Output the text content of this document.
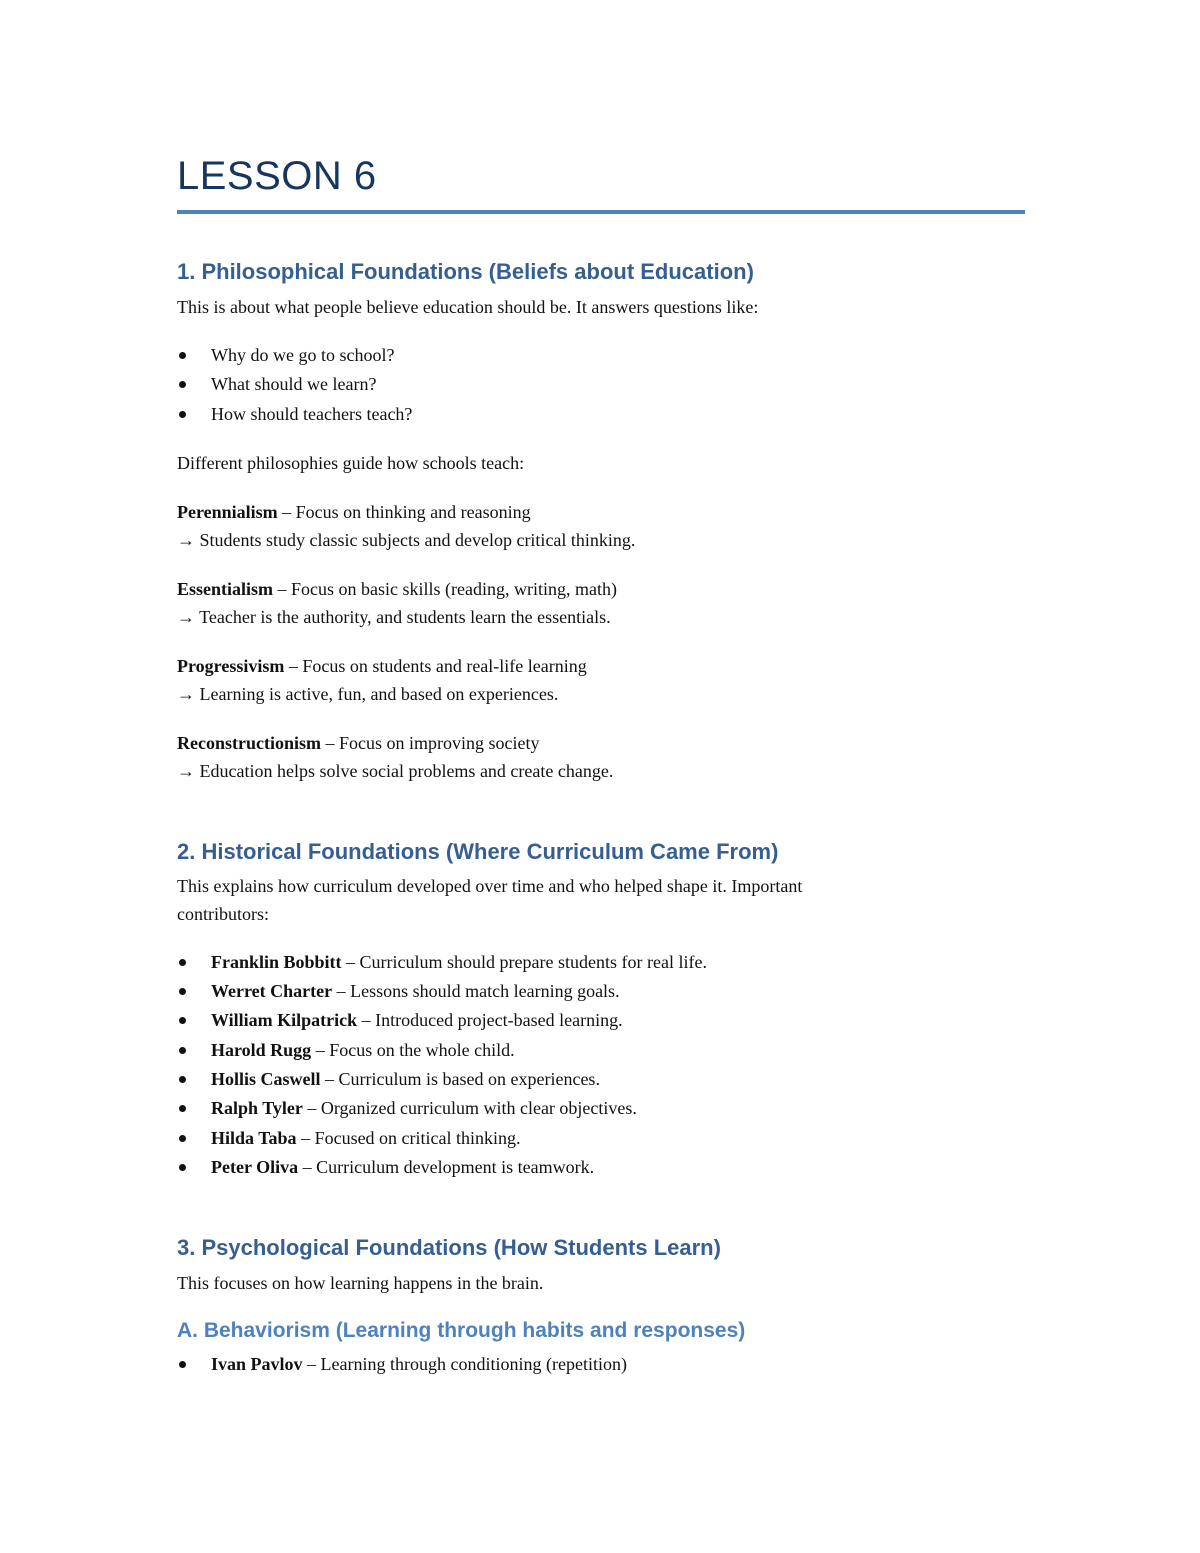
LESSON 6
1. Philosophical Foundations (Beliefs about Education)

This is about what people believe education should be. It answers questions like:

Why do we go to school?
What should we learn?
How should teachers teach?

Different philosophies guide how schools teach:

Perennialism – Focus on thinking and reasoning

→ Students study classic subjects and develop critical thinking.

Essentialism – Focus on basic skills (reading, writing, math)

→ Teacher is the authority, and students learn the essentials.

Progressivism – Focus on students and real-life learning

→ Learning is active, fun, and based on experiences.

Reconstructionism – Focus on improving society

→ Education helps solve social problems and create change.

2. Historical Foundations (Where Curriculum Came From)

This explains how curriculum developed over time and who helped shape it. Important

contributors:

Franklin Bobbitt – Curriculum should prepare students for real life.
Werret Charter – Lessons should match learning goals.
William Kilpatrick – Introduced project-based learning.
Harold Rugg – Focus on the whole child.
Hollis Caswell – Curriculum is based on experiences.
Ralph Tyler – Organized curriculum with clear objectives.
Hilda Taba – Focused on critical thinking.
Peter Oliva – Curriculum development is teamwork.
3. Psychological Foundations (How Students Learn)

This focuses on how learning happens in the brain.

A. Behaviorism (Learning through habits and responses)
Ivan Pavlov – Learning through conditioning (repetition)
